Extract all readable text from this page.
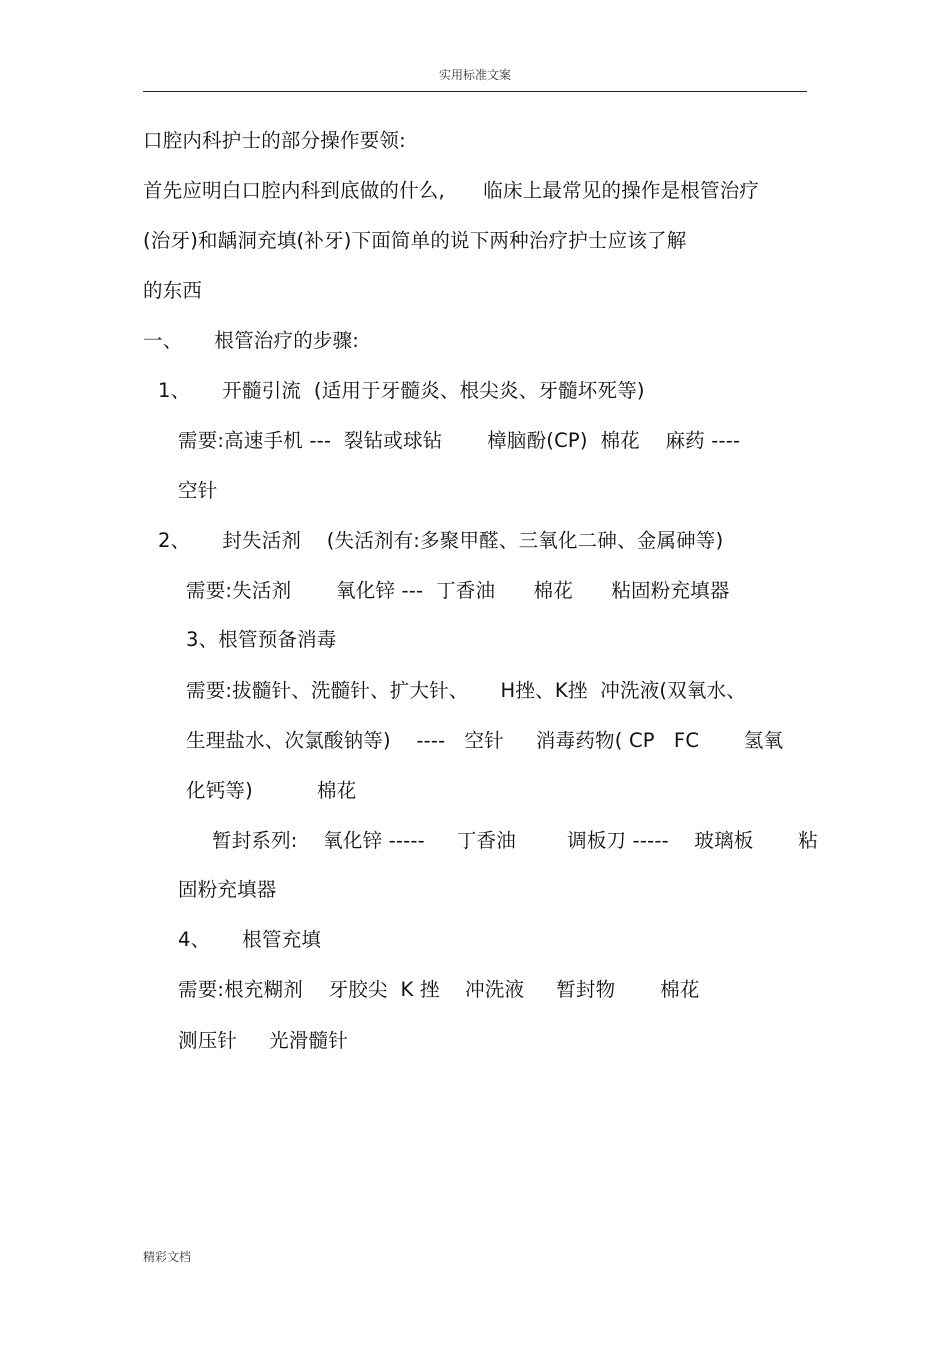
实用标准文案
口腔内科护士的部分操作要领:
首先应明白口腔内科到底做的什么,      临床上最常见的操作是根管治疗
(治牙)和龋洞充填(补牙)下面简单的说下两种治疗护士应该了解
的东西
一、     根管治疗的步骤:
1、     开髓引流  (适用于牙髓炎、根尖炎、牙髓坏死等)
需要:高速手机 ---  裂钻或球钻       樟脑酚(CP)  棉花    麻药 ----
空针
2、     封失活剂    (失活剂有:多聚甲醛、三氧化二砷、金属砷等)
需要:失活剂       氧化锌 ---  丁香油      棉花      粘固粉充填器
3、根管预备消毒
需要:拔髓针、洗髓针、扩大针、     H挫、K挫  冲洗液(双氧水、
生理盐水、次氯酸钠等)    ----   空针     消毒药物( CP   FC       氢氧
化钙等)          棉花
暂封系列:    氧化锌 -----     丁香油        调板刀 -----    玻璃板       粘
固粉充填器
4、     根管充填
需要:根充糊剂    牙胶尖  K 挫    冲洗液     暂封物       棉花
测压针     光滑髓针
精彩文档
